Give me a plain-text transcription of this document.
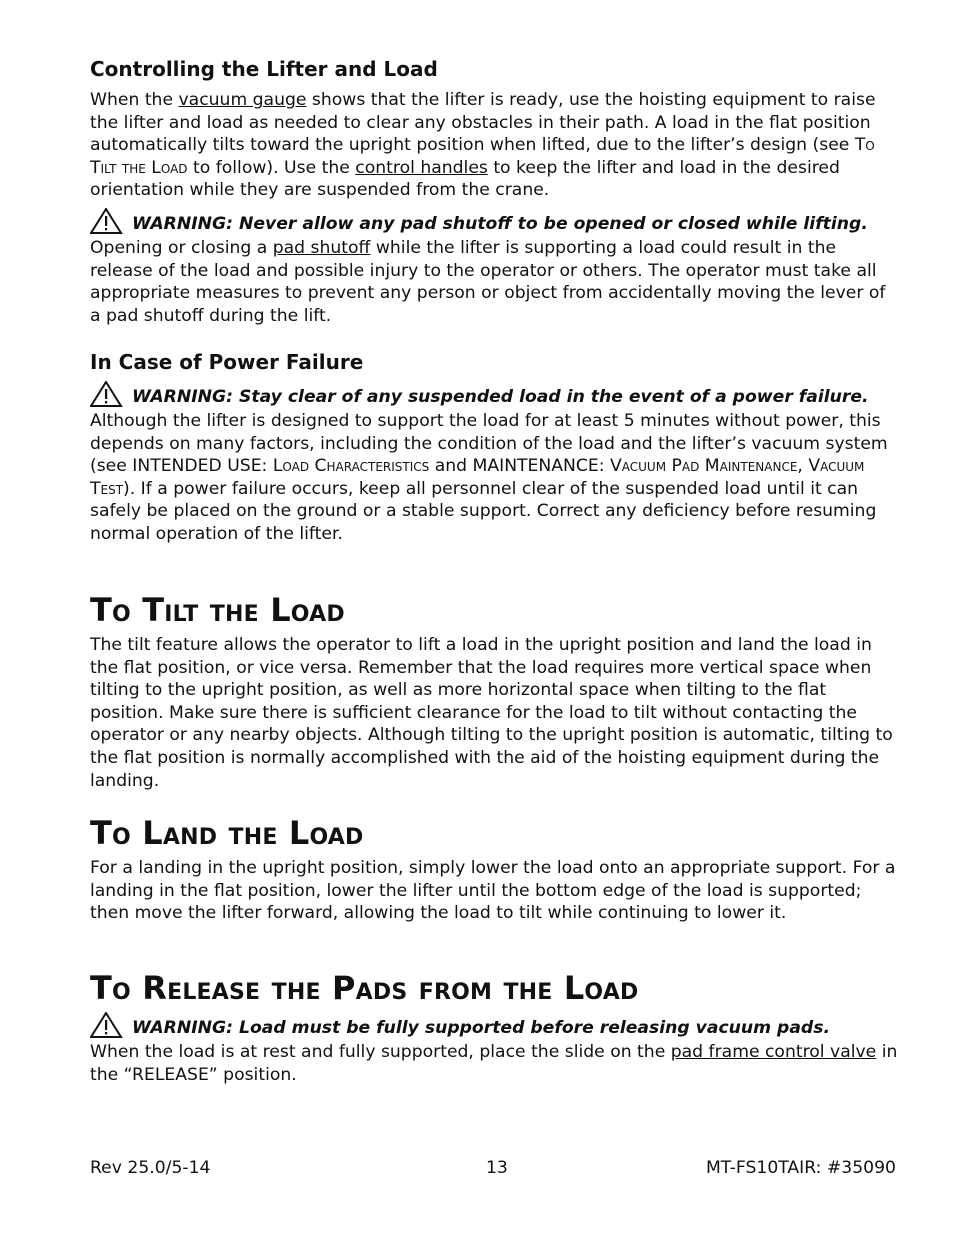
Controlling the Lifter and Load

When the vacuum gauge shows that the lifter is ready, use the hoisting equipment to raise the lifter and load as needed to clear any obstacles in their path. A load in the flat position automatically tilts toward the upright position when lifted, due to the lifter’s design (see To Tilt the Load to follow). Use the control handles to keep the lifter and load in the desired orientation while they are suspended from the crane.

WARNING: Never allow any pad shutoff to be opened or closed while lifting.

Opening or closing a pad shutoff while the lifter is supporting a load could result in the release of the load and possible injury to the operator or others. The operator must take all appropriate measures to prevent any person or object from accidentally moving the lever of a pad shutoff during the lift.

In Case of Power Failure
WARNING: Stay clear of any suspended load in the event of a power failure.

Although the lifter is designed to support the load for at least 5 minutes without power, this depends on many factors, including the condition of the load and the lifter’s vacuum system (see INTENDED USE: Load Characteristics and MAINTENANCE: Vacuum Pad Maintenance, Vacuum Test). If a power failure occurs, keep all personnel clear of the suspended load until it can safely be placed on the ground or a stable support. Correct any deficiency before resuming normal operation of the lifter.

To Tilt the Load

The tilt feature allows the operator to lift a load in the upright position and land the load in the flat position, or vice versa. Remember that the load requires more vertical space when tilting to the upright position, as well as more horizontal space when tilting to the flat position. Make sure there is sufficient clearance for the load to tilt without contacting the operator or any nearby objects. Although tilting to the upright position is automatic, tilting to the flat position is normally accomplished with the aid of the hoisting equipment during the landing.

To Land the Load

For a landing in the upright position, simply lower the load onto an appropriate support. For a landing in the flat position, lower the lifter until the bottom edge of the load is supported; then move the lifter forward, allowing the load to tilt while continuing to lower it.

To Release the Pads from the Load
WARNING: Load must be fully supported before releasing vacuum pads.

When the load is at rest and fully supported, place the slide on the pad frame control valve in the “RELEASE” position.

Rev 25.0/5-14	13	MT-FS10TAIR: #35090
